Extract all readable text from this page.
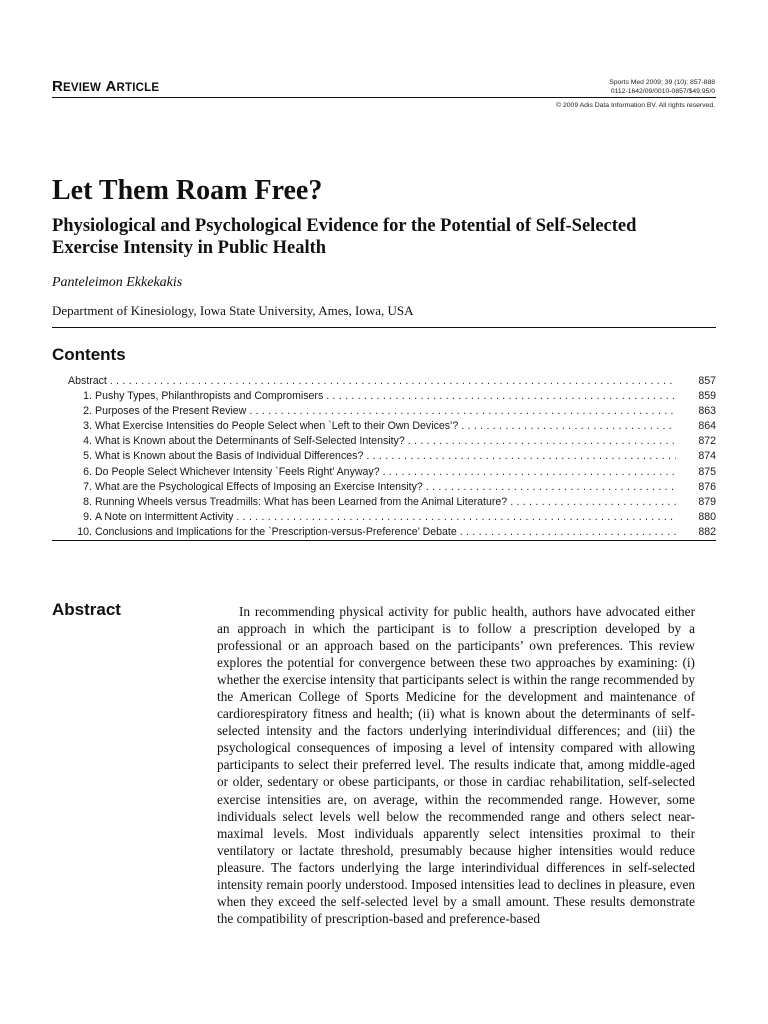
REVIEW ARTICLE	Sports Med 2009; 39 (10): 857-888
0112-1642/09/0010-0857/$49.95/0
© 2009 Adis Data Information BV. All rights reserved.
Let Them Roam Free?
Physiological and Psychological Evidence for the Potential of Self-Selected Exercise Intensity in Public Health
Panteleimon Ekkekakis
Department of Kinesiology, Iowa State University, Ames, Iowa, USA
Contents
Abstract . . .	857
1. Pushy Types, Philanthropists and Compromisers . . .	859
2. Purposes of the Present Review . . .	863
3. What Exercise Intensities do People Select when `Left to their Own Devices’? . . .	864
4. What is Known about the Determinants of Self-Selected Intensity? . . .	872
5. What is Known about the Basis of Individual Differences? . . .	874
6. Do People Select Whichever Intensity `Feels Right’ Anyway? . . .	875
7. What are the Psychological Effects of Imposing an Exercise Intensity? . . .	876
8. Running Wheels versus Treadmills: What has been Learned from the Animal Literature? . . .	879
9. A Note on Intermittent Activity . . .	880
10. Conclusions and Implications for the `Prescription-versus-Preference’ Debate . . .	882
Abstract	In recommending physical activity for public health, authors have advocated either an approach in which the participant is to follow a prescription developed by a professional or an approach based on the participants’ own preferences. This review explores the potential for convergence between these two approaches by examining: (i) whether the exercise intensity that participants select is within the range recommended by the American College of Sports Medicine for the development and maintenance of cardiorespiratory fitness and health; (ii) what is known about the determinants of self-selected intensity and the factors underlying interindividual differences; and (iii) the psychological consequences of imposing a level of intensity compared with allowing participants to select their preferred level. The results indicate that, among middle-aged or older, sedentary or obese participants, or those in cardiac rehabilitation, self-selected exercise intensities are, on average, within the recommended range. However, some individuals select levels well below the recommended range and others select near-maximal levels. Most individuals apparently select intensities proximal to their ventilatory or lactate threshold, presumably because higher intensities would reduce pleasure. The factors underlying the large interindividual differences in self-selected intensity remain poorly understood. Imposed intensities lead to declines in pleasure, even when they exceed the self-selected level by a small amount. These results demonstrate the compatibility of prescription-based and preference-based
